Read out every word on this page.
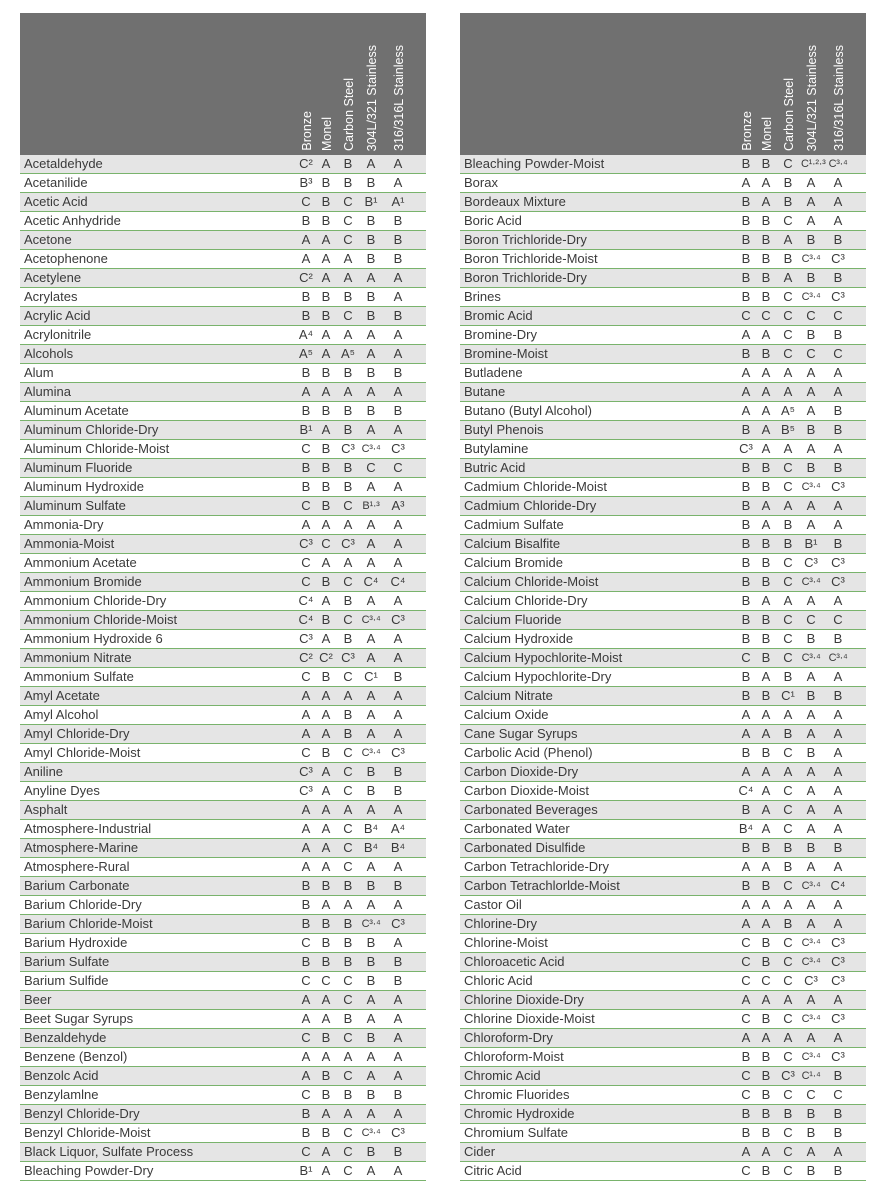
Bronze Monel Carbon Steel 304L/321 Stainless 316/316L Stainless
Acetaldehyde	C² A	B	A	A
Acetanilide	B³ B	B	B	A
Acetic Acid	C B C B¹ A¹
Acetic Anhydride	B B C	B	B
Acetone	A A C	B	B
Acetophenone	A A	A	B	B
Acetylene	C² A	A	A	A
Acrylates	B B	B	B	A
Acrylic Acid	B B C	B	B
Acrylonitrile	A⁴ A	A	A	A
Alcohols	A⁵ A A⁵ A	A
Alum	B B	B	B	B
Alumina	A A	A	A	A
Aluminum Acetate	B B	B	B	B
Aluminum Chloride-Dry	B¹ A	B	A	A
Aluminum Chloride-Moist	C B C³ C³·⁴ C³
Aluminum Fluoride	B B	B	C	C
Aluminum Hydroxide	B B	B	A	A
Aluminum Sulfate	C B C B¹·³ A³
Ammonia-Dry	A A	A	A	A
Ammonia-Moist	C³ C C³ A	A
Ammonium Acetate	C A	A	A	A
Ammonium Bromide	C B C C⁴ C⁴
Ammonium Chloride-Dry	C⁴ A	B	A	A
Ammonium Chloride-Moist	C⁴ B C C³·⁴ C³
Ammonium Hydroxide 6	C³ A	B	A	A
Ammonium Nitrate	C² C² C³ A	A
Ammonium Sulfate	C B C C¹	B
Amyl Acetate	A A	A	A	A
Amyl Alcohol	A A	B	A	A
Amyl Chloride-Dry	A A	B	A	A
Amyl Chloride-Moist	C B C C³·⁴ C³
Aniline	C³ A C	B	B
Anyline Dyes	C³ A C	B	B
Asphalt	A A	A	A	A
Atmosphere-Industrial	A A C B⁴ A⁴
Atmosphere-Marine	A A C B⁴ B⁴
Atmosphere-Rural	A A C	A	A
Barium Carbonate	B B	B	B	B
Barium Chloride-Dry	B A	A	A	A
Barium Chloride-Moist	B B	B C³·⁴ C³
Barium Hydroxide	C B	B	B	A
Barium Sulfate	B B	B	B	B
Barium Sulfide	C C C	B	B
Beer	A A C	A	A
Beet Sugar Syrups	A A	B	A	A
Benzaldehyde	C B C	B	A
Benzene (Benzol)	A A	A	A	A
Benzolc Acid	A B C	A	A
Benzylamlne	C B	B	B	B
Benzyl Chloride-Dry	B A	A	A	A
Benzyl Chloride-Moist	B B C C³·⁴ C³
Black Liquor, Sulfate Process	C A C	B	B
Bleaching Powder-Dry	B¹ A C	A	A
Bronze Monel Carbon Steel 304L/321 Stainless 316/316L Stainless
Bleaching Powder-Moist	B B C C¹·²·³ C³·⁴
Borax	A A	B	A	A
Bordeaux Mixture	B A	B	A	A
Boric Acid	B B C	A	A
Boron Trichloride-Dry	B B	A	B	B
Boron Trichloride-Moist	B B	B C³·⁴ C³
Boron Trichloride-Dry	B B	A	B	B
Brines	B B C C³·⁴ C³
Bromic Acid	C C C	C	C
Bromine-Dry	A A C	B	B
Bromine-Moist	B B C	C	C
Butladene	A A	A	A	A
Butane	A A	A	A	A
Butano (Butyl Alcohol)	A A A⁵ A	B
Butyl Phenois	B A B⁵ B	B
Butylamine	C³ A	A	A	A
Butric Acid	B B C	B	B
Cadmium Chloride-Moist	B B C C³·⁴ C³
Cadmium Chloride-Dry	B A	A	A	A
Cadmium Sulfate	B A	B	A	A
Calcium Bisalfite	B B	B B¹	B
Calcium Bromide	B B C C³ C³
Calcium Chloride-Moist	B B C C³·⁴ C³
Calcium Chloride-Dry	B A	A	A	A
Calcium Fluoride	B B C	C	C
Calcium Hydroxide	B B C	B	B
Calcium Hypochlorite-Moist	C B C C³·⁴ C³·⁴
Calcium Hypochlorite-Dry	B A	B	A	A
Calcium Nitrate	B B C¹ B	B
Calcium Oxide	A A	A	A	A
Cane Sugar Syrups	A A	B	A	A
Carbolic Acid (Phenol)	B B C	B	A
Carbon Dioxide-Dry	A A	A	A	A
Carbon Dioxide-Moist	C⁴ A C	A	A
Carbonated Beverages	B A C	A	A
Carbonated Water	B⁴ A C	A	A
Carbonated Disulfide	B B	B	B	B
Carbon Tetrachloride-Dry	A A	B	A	A
Carbon Tetrachlorlde-Moist	B B C C³·⁴ C⁴
Castor Oil	A A	A	A	A
Chlorine-Dry	A A	B	A	A
Chlorine-Moist	C B C C³·⁴ C³
Chloroacetic Acid	C B C C³·⁴ C³
Chloric Acid	C C C C³ C³
Chlorine Dioxide-Dry	A A	A	A	A
Chlorine Dioxide-Moist	C B C C³·⁴ C³
Chloroform-Dry	A A	A	A	A
Chloroform-Moist	B B C C³·⁴ C³
Chromic Acid	C B C³ C¹·⁴	B
Chromic Fluorides	C B C	C	C
Chromic Hydroxide	B B	B	B	B
Chromium Sulfate	B B C	B	B
Cider	A A C	A	A
Citric Acid	C B C	B	B
